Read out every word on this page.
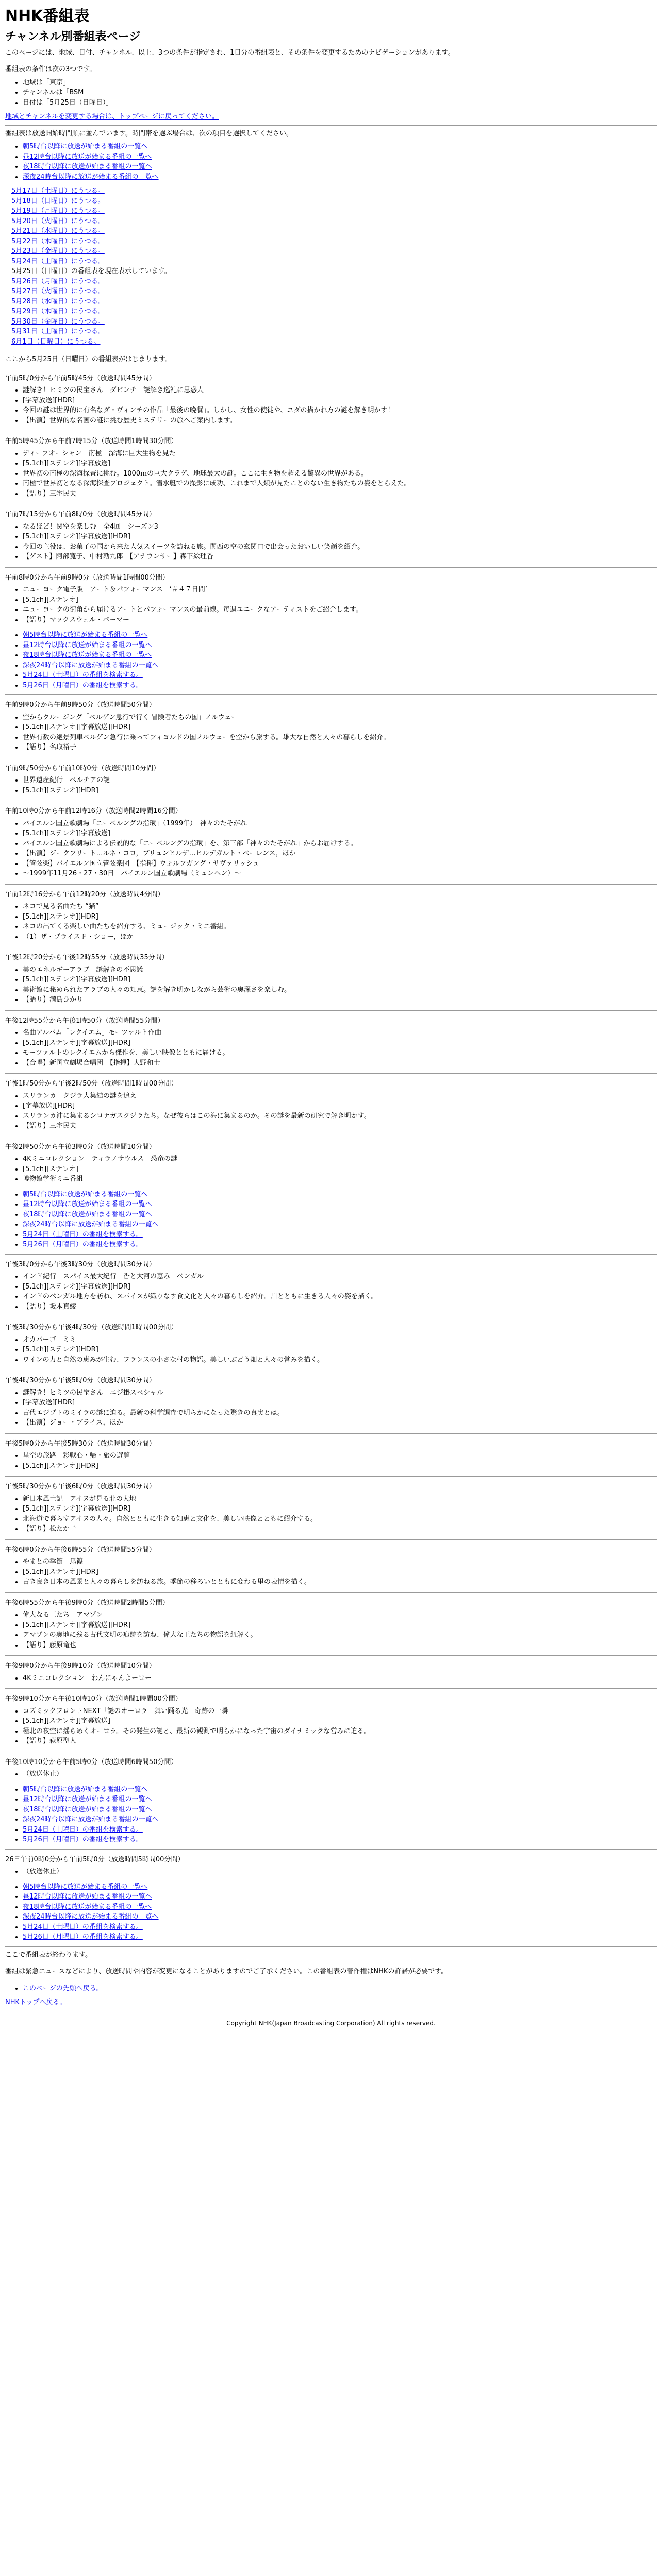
NHK番組表
チャンネル別番組表ページ

このページには、地域、日付、チャンネル、以上、3つの条件が指定され、1日分の番組表と、その条件を変更するためのナビゲーションがあります。

番組表の条件は次の3つです。

• 地域は「東京」
• チャンネルは「BSM」
• 日付は「5月25日（日曜日）」

地域とチャンネルを変更する場合は、トップページに戻ってください。

番組表は放送開始時間順に並んでいます。時間帯を選ぶ場合は、次の項目を選択してください。

• 朝5時台以降に放送が始まる番組の一覧へ
• 昼12時台以降に放送が始まる番組の一覧へ
• 夜18時台以降に放送が始まる番組の一覧へ
• 深夜24時台以降に放送が始まる番組の一覧へ
5月17日（土曜日）にうつる。
5月18日（日曜日）にうつる。
5月19日（月曜日）にうつる。
5月20日（火曜日）にうつる。
5月21日（水曜日）にうつる。
5月22日（木曜日）にうつる。
5月23日（金曜日）にうつる。
5月24日（土曜日）にうつる。
5月25日（日曜日）の番組表を現在表示しています。
5月26日（月曜日）にうつる。
5月27日（火曜日）にうつる。
5月28日（水曜日）にうつる。
5月29日（木曜日）にうつる。
5月30日（金曜日）にうつる。
5月31日（土曜日）にうつる。
6月1日（日曜日）にうつる。

ここから5月25日（日曜日）の番組表がはじまります。

午前5時0分から午前5時45分（放送時間45分間）

• 謎解き！ヒミツの民宝さん　ダビンチ　謎解き巡礼に思惑人
• [字幕放送][HDR]
• 今回の謎は世界的に有名なダ・ヴィンチの作品「最後の晩餐」。しかし、女性の使徒や、ユダの描かれ方の謎を解き明かす！
• 【出演】世界的な名画の謎に挑む歴史ミステリーの旅へご案内します。

午前5時45分から午前7時15分（放送時間1時間30分間）

• ディープオーシャン　南極　深海に巨大生物を見た
• [5.1ch][ステレオ][字幕放送]
• 世界初の南極の深海探査に挑む。1000ｍの巨大クラゲ、地球最大の謎。ここに生き物を超える驚異の世界がある。
• 南極で世界初となる深海探査プロジェクト。潜水艇での撮影に成功、これまで人類が見たことのない生き物たちの姿をとらえた。
• 【語り】三宅民夫

午前7時15分から午前8時0分（放送時間45分間）

• なるほど！関空を楽しむ　全4回　シーズン3
• [5.1ch][ステレオ][字幕放送][HDR]
• 今回の主役は、お菓子の国から来た人気スイーツを訪ねる旅。関西の空の玄関口で出会ったおいしい笑顔を紹介。
• 【ゲスト】阿部寛子、中村勘九郎　【アナウンサー】森下絵理香

午前8時0分から午前9時0分（放送時間1時間00分間）

• ニューヨーク電子版　アート＆パフォーマンス　‘＃４７日間’
• [5.1ch][ステレオ]
• ニューヨークの街角から届けるアートとパフォーマンスの最前線。毎週ユニークなアーティストをご紹介します。
• 【語り】マックスウェル・パーマー
• 朝5時台以降に放送が始まる番組の一覧へ
• 昼12時台以降に放送が始まる番組の一覧へ
• 夜18時台以降に放送が始まる番組の一覧へ
• 深夜24時台以降に放送が始まる番組の一覧へ
• 5月24日（土曜日）の番組を検索する。
• 5月26日（月曜日）の番組を検索する。

午前9時0分から午前9時50分（放送時間50分間）

• 空からクルージング「ベルゲン急行で行く 冒険者たちの国」ノルウェー
• [5.1ch][ステレオ][字幕放送][HDR]
• 世界有数の絶景列車ベルゲン急行に乗ってフィヨルドの国ノルウェーを空から旅する。雄大な自然と人々の暮らしを紹介。
• 【語り】名取裕子

午前9時50分から午前10時0分（放送時間10分間）

• 世界遺産紀行　ペルチアの謎
• [5.1ch][ステレオ][HDR]

午前10時0分から午前12時16分（放送時間2時間16分間）

• バイエルン国立歌劇場「ニーベルングの指環」（1999年）　神々のたそがれ
• [5.1ch][ステレオ][字幕放送]
• バイエルン国立歌劇場による伝説的な「ニーベルングの指環」を、第三部「神々のたそがれ」からお届けする。
• 【出演】ジークフリート…ルネ・コロ，ブリュンヒルデ…ヒルデガルト・ベーレンス，ほか
• 【管弦楽】バイエルン国立管弦楽団　【指揮】ウォルフガング・サヴァリッシュ
• 〜1999年11月26・27・30日　バイエルン国立歌劇場（ミュンヘン）〜

午前12時16分から午前12時20分（放送時間4分間）

• ネコで見る名曲たち “猫”
• [5.1ch][ステレオ][HDR]
• ネコの出てくる楽しい曲たちを紹介する、ミュージック・ミニ番組。
• （1）ザ・プライスド・ショー，ほか

午後12時20分から午後12時55分（放送時間35分間）

• 美のエネルギーアラブ　謎解きの不思議
• [5.1ch][ステレオ][字幕放送][HDR]
• 美術館に秘められたアラブの人々の知恵。謎を解き明かしながら芸術の奥深さを楽しむ。
• 【語り】満島ひかり

午後12時55分から午後1時50分（放送時間55分間）

• 名曲アルバム「レクイエム」モーツァルト作曲
• [5.1ch][ステレオ][字幕放送][HDR]
• モーツァルトのレクイエムから傑作を、美しい映像とともに届ける。
• 【合唱】新国立劇場合唱団　【指揮】大野和士

午後1時50分から午後2時50分（放送時間1時間00分間）

• スリランカ　クジラ大集結の謎を追え
• [字幕放送][HDR]
• スリランカ沖に集まるシロナガスクジラたち。なぜ彼らはこの海に集まるのか。その謎を最新の研究で解き明かす。
• 【語り】三宅民夫

午後2時50分から午後3時0分（放送時間10分間）

• 4Kミニコレクション　ティラノサウルス　恐竜の謎
• [5.1ch][ステレオ]
• 博物館学術ミニ番組
• 朝5時台以降に放送が始まる番組の一覧へ
• 昼12時台以降に放送が始まる番組の一覧へ
• 夜18時台以降に放送が始まる番組の一覧へ
• 深夜24時台以降に放送が始まる番組の一覧へ
• 5月24日（土曜日）の番組を検索する。
• 5月26日（月曜日）の番組を検索する。

午後3時0分から午後3時30分（放送時間30分間）

• インド紀行　スパイス最大紀行　香と大河の恵み　ベンガル
• [5.1ch][ステレオ][字幕放送][HDR]
• インドのベンガル地方を訪ね、スパイスが織りなす食文化と人々の暮らしを紹介。川とともに生きる人々の姿を描く。
• 【語り】坂本真綾

午後3時30分から午後4時30分（放送時間1時間00分間）

• オカバーゴ　ミミ
• [5.1ch][ステレオ][HDR]
• ワインの力と自然の恵みが生む、フランスの小さな村の物語。美しいぶどう畑と人々の営みを描く。

午後4時30分から午後5時0分（放送時間30分間）

• 謎解き！ヒミツの民宝さん　エジ掛スペシャル
• [字幕放送][HDR]
• 古代エジプトのミイラの謎に迫る。最新の科学調査で明らかになった驚きの真実とは。
• 【出演】ジョー・プライス，ほか

午後5時0分から午後5時30分（放送時間30分間）

• 星空の旅路　彩戦心・帰・旅の遊覧
• [5.1ch][ステレオ][HDR]

午後5時30分から午後6時0分（放送時間30分間）

• 新日本風土記　アイヌが見る北の大地
• [5.1ch][ステレオ][字幕放送][HDR]
• 北海道で暮らすアイヌの人々。自然とともに生きる知恵と文化を、美しい映像とともに紹介する。
• 【語り】松たか子

午後6時0分から午後6時55分（放送時間55分間）

• やまとの季節　馬篠
• [5.1ch][ステレオ][HDR]
• 古き良き日本の風景と人々の暮らしを訪ねる旅。季節の移ろいとともに変わる里の表情を描く。

午後6時55分から午後9時0分（放送時間2時間5分間）

• 偉大なる王たち　アマゾン
• [5.1ch][ステレオ][字幕放送][HDR]
• アマゾンの奥地に残る古代文明の痕跡を訪ね、偉大な王たちの物語を紐解く。
• 【語り】藤原竜也

午後9時0分から午後9時10分（放送時間10分間）

• 4Kミニコレクション　わんにゃんよーロー

午後9時10分から午後10時10分（放送時間1時間00分間）

• コズミックフロントNEXT「謎のオーロラ　舞い踊る光　奇跡の一瞬」
• [5.1ch][ステレオ][字幕放送]
• 極北の夜空に揺らめくオーロラ。その発生の謎と、最新の観測で明らかになった宇宙のダイナミックな営みに迫る。
• 【語り】萩原聖人

午後10時10分から午前5時0分（放送時間6時間50分間）

• （放送休止）
• 朝5時台以降に放送が始まる番組の一覧へ
• 昼12時台以降に放送が始まる番組の一覧へ
• 夜18時台以降に放送が始まる番組の一覧へ
• 深夜24時台以降に放送が始まる番組の一覧へ
• 5月24日（土曜日）の番組を検索する。
• 5月26日（月曜日）の番組を検索する。

26日午前0時0分から午前5時0分（放送時間5時間00分間）

• （放送休止）
• 朝5時台以降に放送が始まる番組の一覧へ
• 昼12時台以降に放送が始まる番組の一覧へ
• 夜18時台以降に放送が始まる番組の一覧へ
• 深夜24時台以降に放送が始まる番組の一覧へ
• 5月24日（土曜日）の番組を検索する。
• 5月26日（月曜日）の番組を検索する。

ここで番組表が終わります。

番組は緊急ニュースなどにより、放送時間や内容が変更になることがありますのでご了承ください。この番組表の著作権はNHKの許諾が必要です。

• このページの先頭へ戻る。

NHKトップへ戻る。

Copyright NHK(Japan Broadcasting Corporation) All rights reserved.
